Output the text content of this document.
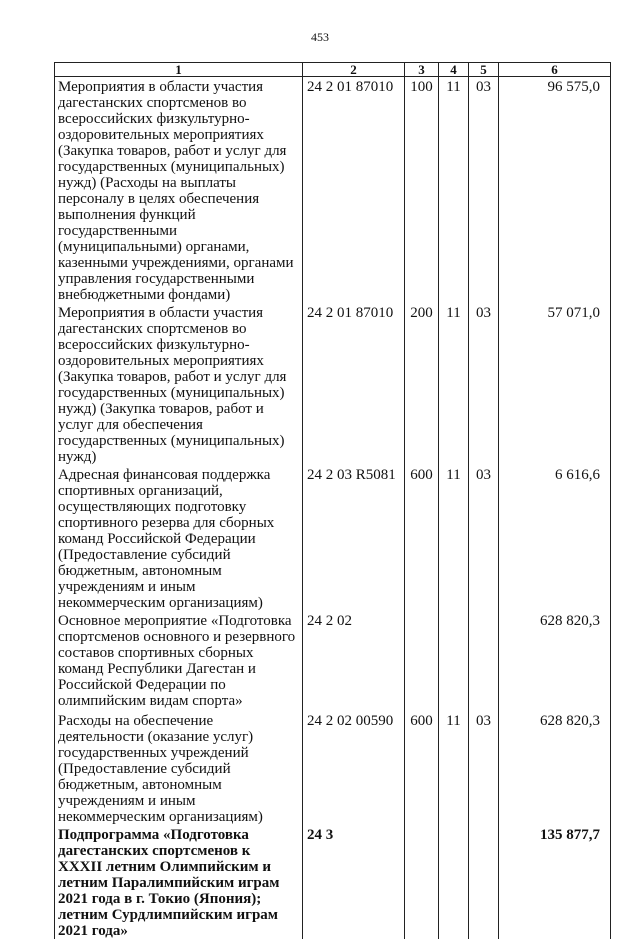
453
1	2	3	4	5	6

Мероприятия в области участия дагестанских спортсменов во всероссийских физкультурно-оздоровительных мероприятиях (Закупка товаров, работ и услуг для государственных (муниципальных) нужд) (Расходы на выплаты персоналу в целях обеспечения выполнения функций государственными (муниципальными) органами, казенными учреждениями, органами управления государственными внебюджетными фондами)	24 2 01 87010	100	11	03	96 575,0

Мероприятия в области участия дагестанских спортсменов во всероссийских физкультурно-оздоровительных мероприятиях (Закупка товаров, работ и услуг для государственных (муниципальных) нужд) (Закупка товаров, работ и услуг для обеспечения государственных (муниципальных) нужд)	24 2 01 87010	200	11	03	57 071,0

Адресная финансовая поддержка спортивных организаций, осуществляющих подготовку спортивного резерва для сборных команд Российской Федерации (Предоставление субсидий бюджетным, автономным учреждениям и иным некоммерческим организациям)	24 2 03 R5081	600	11	03	6 616,6

Основное мероприятие «Подготовка спортсменов основного и резервного составов спортивных сборных команд Республики Дагестан и Российской Федерации по олимпийским видам спорта»	24 2 02				628 820,3

Расходы на обеспечение деятельности (оказание услуг) государственных учреждений (Предоставление субсидий бюджетным, автономным учреждениям и иным некоммерческим организациям)	24 2 02 00590	600	11	03	628 820,3

Подпрограмма «Подготовка дагестанских спортсменов к XXXII летним Олимпийским и летним Паралимпийским играм 2021 года в г. Токио (Япония); летним Сурдлимпийским играм 2021 года»	24 3				135 877,7
